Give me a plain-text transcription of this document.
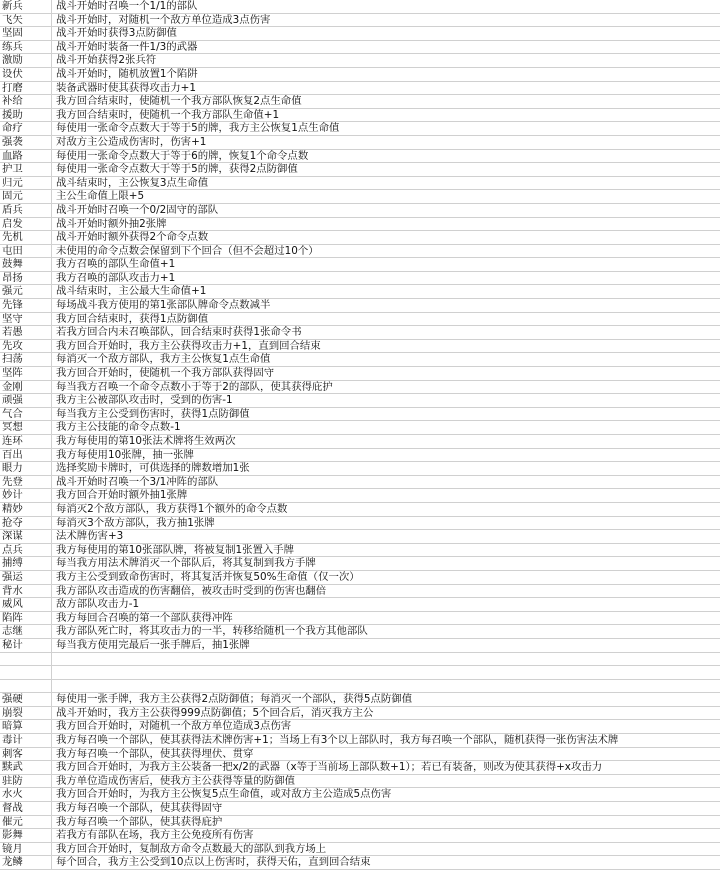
新兵	战斗开始时召唤一个1/1的部队
飞矢	战斗开始时，对随机一个敌方单位造成3点伤害
坚固	战斗开始时获得3点防御值
练兵	战斗开始时装备一件1/3的武器
激励	战斗开始获得2张兵符
设伏	战斗开始时，随机放置1个陷阱
打磨	装备武器时使其获得攻击力+1
补给	我方回合结束时，使随机一个我方部队恢复2点生命值
援助	我方回合结束时，使随机一个我方部队生命值+1
命疗	每使用一张命令点数大于等于5的牌，我方主公恢复1点生命值
强袭	对敌方主公造成伤害时，伤害+1
血路	每使用一张命令点数大于等于6的牌，恢复1个命令点数
护卫	每使用一张命令点数大于等于5的牌，获得2点防御值
归元	战斗结束时，主公恢复3点生命值
固元	主公生命值上限+5
盾兵	战斗开始时召唤一个0/2固守的部队
启发	战斗开始时额外抽2张牌
先机	战斗开始时额外获得2个命令点数
屯田	未使用的命令点数会保留到下个回合（但不会超过10个）
鼓舞	我方召唤的部队生命值+1
昂扬	我方召唤的部队攻击力+1
强元	战斗结束时，主公最大生命值+1
先锋	每场战斗我方使用的第1张部队牌命令点数减半
坚守	我方回合结束时，获得1点防御值
若愚	若我方回合内未召唤部队，回合结束时获得1张命令书
先攻	我方回合开始时，我方主公获得攻击力+1，直到回合结束
扫荡	每消灭一个敌方部队，我方主公恢复1点生命值
坚阵	我方回合开始时，使随机一个我方部队获得固守
金刚	每当我方召唤一个命令点数小于等于2的部队，使其获得庇护
顽强	我方主公被部队攻击时，受到的伤害-1
气合	每当我方主公受到伤害时，获得1点防御值
冥想	我方主公技能的命令点数-1
连环	我方每使用的第10张法术牌将生效两次
百出	我方每使用10张牌，抽一张牌
眼力	选择奖励卡牌时，可供选择的牌数增加1张
先登	战斗开始时召唤一个3/1冲阵的部队
妙计	我方回合开始时额外抽1张牌
精妙	每消灭2个敌方部队，我方获得1个额外的命令点数
抢夺	每消灭3个敌方部队，我方抽1张牌
深谋	法术牌伤害+3
点兵	我方每使用的第10张部队牌，将被复制1张置入手牌
捕缚	每当我方用法术牌消灭一个部队后，将其复制到我方手牌
强运	我方主公受到致命伤害时，将其复活并恢复50%生命值（仅一次）
背水	我方部队攻击造成的伤害翻倍，被攻击时受到的伤害也翻倍
威风	敌方部队攻击力-1
陷阵	我方每回合召唤的第一个部队获得冲阵
志继	我方部队死亡时，将其攻击力的一半，转移给随机一个我方其他部队
秘计	每当我方使用完最后一张手牌后，抽1张牌
强硬	每使用一张手牌，我方主公获得2点防御值；每消灭一个部队，获得5点防御值
崩裂	战斗开始时，我方主公获得999点防御值；5个回合后，消灭我方主公
暗算	我方回合开始时，对随机一个敌方单位造成3点伤害
毒计	我方每召唤一个部队，使其获得法术牌伤害+1；当场上有3个以上部队时，我方每召唤一个部队，随机获得一张伤害法术牌
刺客	我方每召唤一个部队，使其获得埋伏、贯穿
黩武	我方回合开始时，为我方主公装备一把x/2的武器（x等于当前场上部队数+1）；若已有装备，则改为使其获得+x攻击力
驻防	我方单位造成伤害后，使我方主公获得等量的防御值
水火	我方回合开始时，为我方主公恢复5点生命值，或对敌方主公造成5点伤害
督战	我方每召唤一个部队，使其获得固守
催元	我方每召唤一个部队，使其获得庇护
影舞	若我方有部队在场，我方主公免疫所有伤害
镜月	我方回合开始时，复制敌方命令点数最大的部队到我方场上
龙鳞	每个回合，我方主公受到10点以上伤害时，获得天佑，直到回合结束
